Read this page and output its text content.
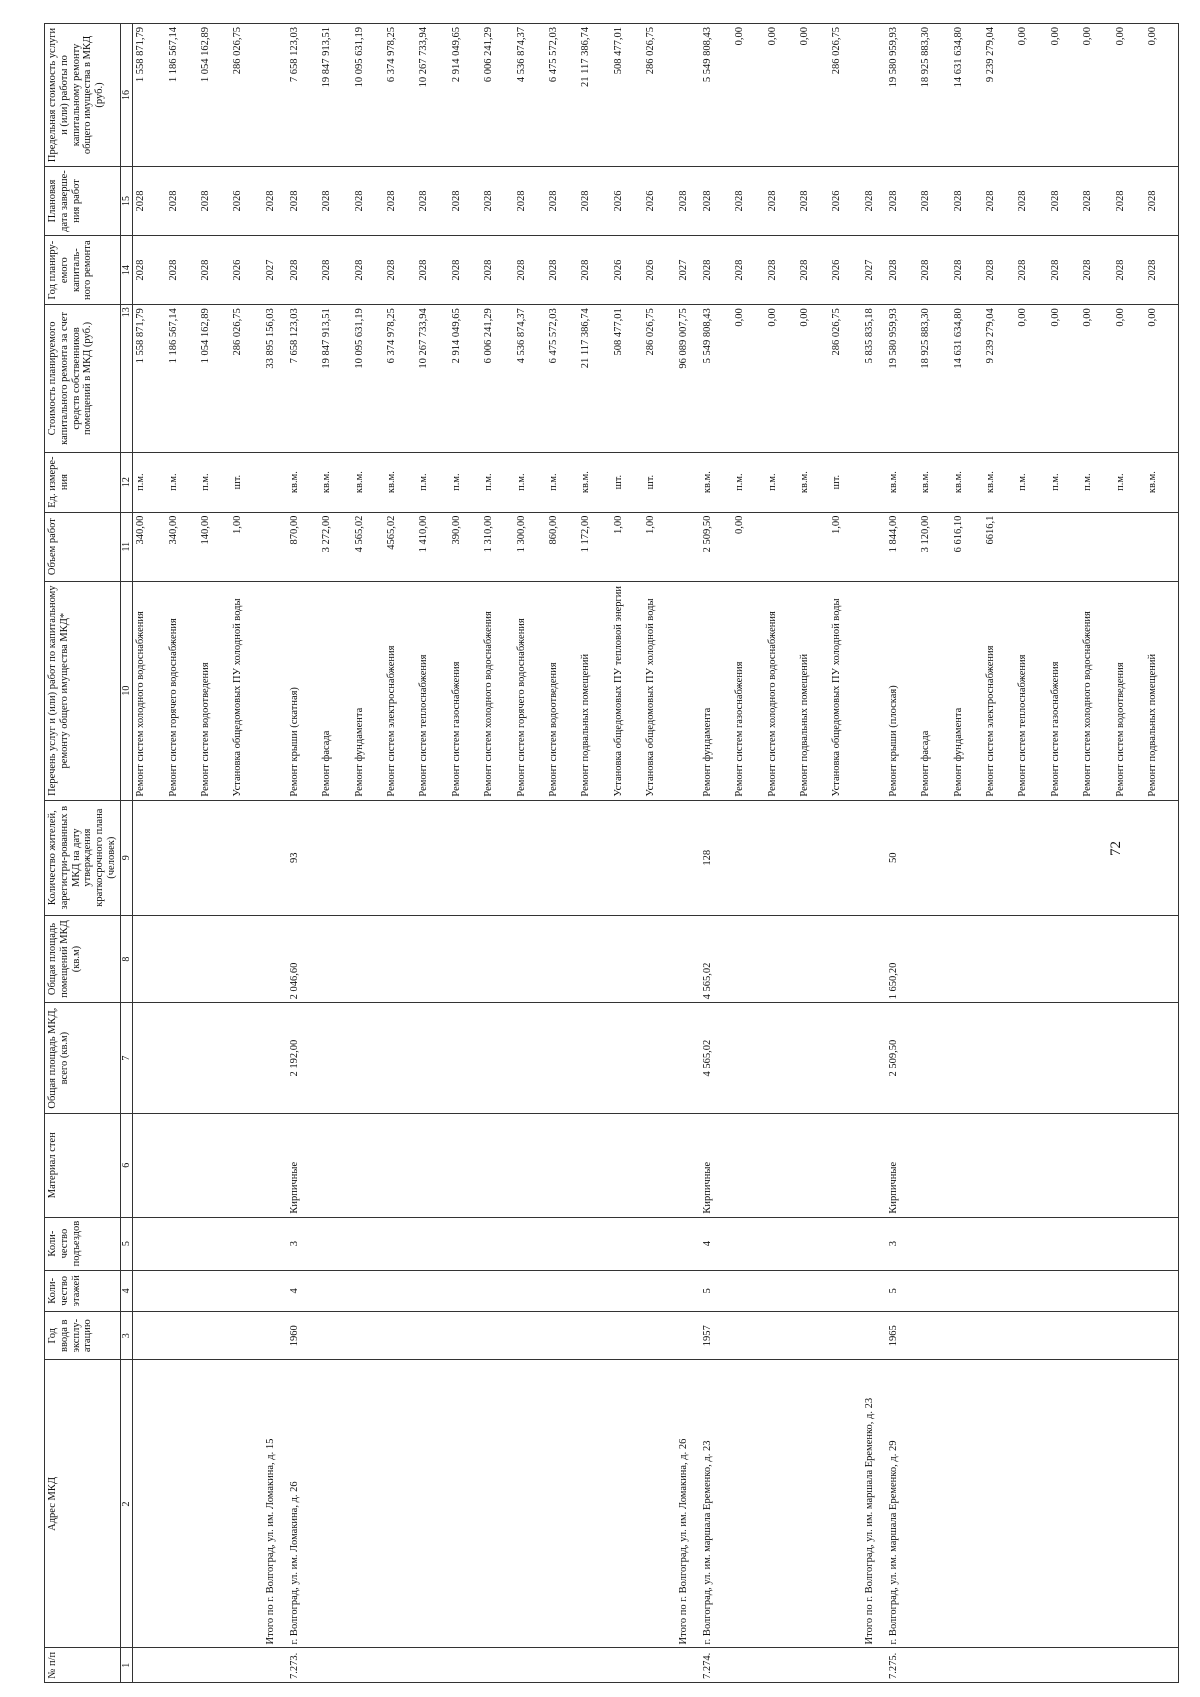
72
№ п/п	Адрес МКД	Год ввода в эксплу-атацию	Коли-чество этажей	Коли-чество подъездов	Материал стен	Общая площадь МКД, всего (кв.м)	Общая площадь помещений МКД (кв.м)	Количество жителей, зарегистри-рованных в МКД на дату утверждения краткосрочного плана (человек)	Перечень услуг и (или) работ по капитальному ремонту общего имущества МКД*	Объем работ	Ед. измере-ния	Стоимость планируемого капитального ремонта за счет средств собственников помещений в МКД (руб.)	Год планиру-емого капиталь-ного ремонта	Плановая дата заверше-ния работ	Предельная стоимость услуги и (или) работы по капитальному ремонту общего имущества в МКД (руб.)
1	2	3	4	5	6	7	8	9	10	11	12	13	14	15	16
									Ремонт систем холодного водоснабжения	340,00	п.м.	1 558 871,79	2028	2028	1 558 871,79
									Ремонт систем горячего водоснабжения	340,00	п.м.	1 186 567,14	2028	2028	1 186 567,14
									Ремонт систем водоотведения	140,00	п.м.	1 054 162,89	2028	2028	1 054 162,89
									Установка общедомовых ПУ холодной воды	1,00	шт.	286 026,75	2026	2026	286 026,75
	Итого по г. Волгоград, ул. им. Ломакина, д. 15											33 895 156,03	2027	2028	
7.273.	г. Волгоград, ул. им. Ломакина, д. 26	1960	4	3	Кирпичные	2 192,00	2 046,60	93	Ремонт крыши (скатная)	870,00	кв.м.	7 658 123,03	2028	2028	7 658 123,03
									Ремонт фасада	3 272,00	кв.м.	19 847 913,51	2028	2028	19 847 913,51
									Ремонт фундамента	4 565,02	кв.м.	10 095 631,19	2028	2028	10 095 631,19
									Ремонт систем электроснабжения	4565,02	кв.м.	6 374 978,25	2028	2028	6 374 978,25
									Ремонт систем теплоснабжения	1 410,00	п.м.	10 267 733,94	2028	2028	10 267 733,94
									Ремонт систем газоснабжения	390,00	п.м.	2 914 049,65	2028	2028	2 914 049,65
									Ремонт систем холодного водоснабжения	1 310,00	п.м.	6 006 241,29	2028	2028	6 006 241,29
									Ремонт систем горячего водоснабжения	1 300,00	п.м.	4 536 874,37	2028	2028	4 536 874,37
									Ремонт систем водоотведения	860,00	п.м.	6 475 572,03	2028	2028	6 475 572,03
									Ремонт подвальных помещений	1 172,00	кв.м.	21 117 386,74	2028	2028	21 117 386,74
									Установка общедомовых ПУ тепловой энергии	1,00	шт.	508 477,01	2026	2026	508 477,01
									Установка общедомовых ПУ холодной воды	1,00	шт.	286 026,75	2026	2026	286 026,75
	Итого по г. Волгоград, ул. им. Ломакина, д. 26											96 089 007,75	2027	2028	
7.274.	г. Волгоград, ул. им. маршала Еременко, д. 23	1957	5	4	Кирпичные	4 565,02	4 565,02	128	Ремонт фундамента	2 509,50	кв.м.	5 549 808,43	2028	2028	5 549 808,43
									Ремонт систем газоснабжения	0,00	п.м.	0,00	2028	2028	0,00
									Ремонт систем холодного водоснабжения		п.м.	0,00	2028	2028	0,00
									Ремонт подвальных помещений		кв.м.	0,00	2028	2028	0,00
									Установка общедомовых ПУ холодной воды	1,00	шт.	286 026,75	2026	2026	286 026,75
	Итого по г. Волгоград, ул. им. маршала Еременко, д. 23											5 835 835,18	2027	2028	
7.275.	г. Волгоград, ул. им. маршала Еременко, д. 29	1965	5	3	Кирпичные	2 509,50	1 650,20	50	Ремонт крыши (плоская)	1 844,00	кв.м.	19 580 959,93	2028	2028	19 580 959,93
									Ремонт фасада	3 120,00	кв.м.	18 925 883,30	2028	2028	18 925 883,30
									Ремонт фундамента	6 616,10	кв.м.	14 631 634,80	2028	2028	14 631 634,80
									Ремонт систем электроснабжения	6616,1	кв.м.	9 239 279,04	2028	2028	9 239 279,04
									Ремонт систем теплоснабжения		п.м.	0,00	2028	2028	0,00
									Ремонт систем газоснабжения		п.м.	0,00	2028	2028	0,00
									Ремонт систем холодного водоснабжения		п.м.	0,00	2028	2028	0,00
									Ремонт систем водоотведения		п.м.	0,00	2028	2028	0,00
									Ремонт подвальных помещений		кв.м.	0,00	2028	2028	0,00
